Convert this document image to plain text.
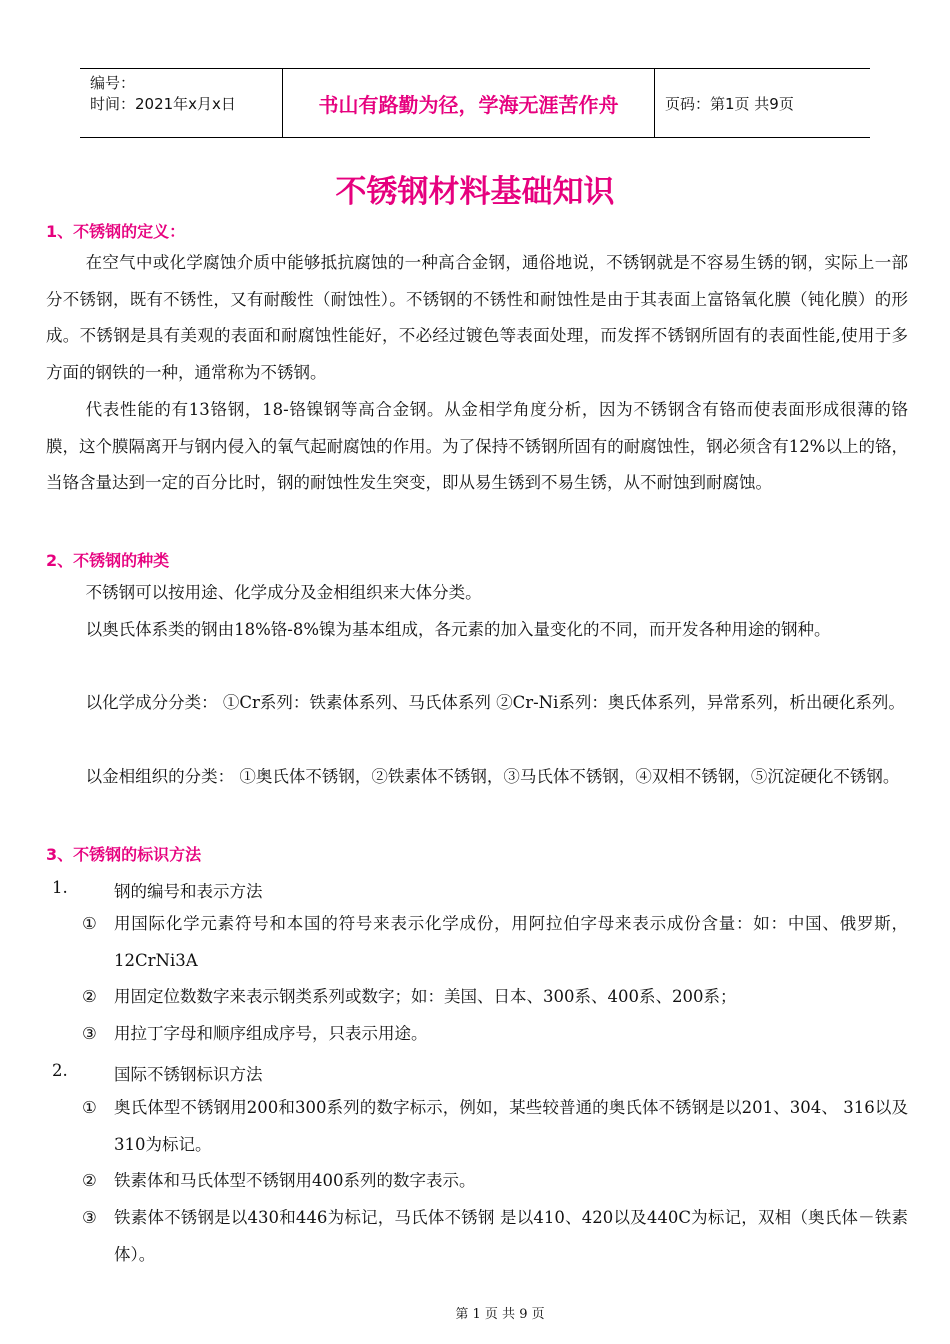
编号：
时间：2021年x月x日	书山有路勤为径，学海无涯苦作舟	页码：第1页 共9页
不锈钢材料基础知识
1、不锈钢的定义：
在空气中或化学腐蚀介质中能够抵抗腐蚀的一种高合金钢，通俗地说，不锈钢就是不容易生锈的钢，实际上一部分不锈钢，既有不锈性，又有耐酸性（耐蚀性）。不锈钢的不锈性和耐蚀性是由于其表面上富铬氧化膜（钝化膜）的形成。不锈钢是具有美观的表面和耐腐蚀性能好，不必经过镀色等表面处理，而发挥不锈钢所固有的表面性能,使用于多方面的钢铁的一种，通常称为不锈钢。
代表性能的有13铬钢，18-铬镍钢等高合金钢。从金相学角度分析，因为不锈钢含有铬而使表面形成很薄的铬膜，这个膜隔离开与钢内侵入的氧气起耐腐蚀的作用。为了保持不锈钢所固有的耐腐蚀性，钢必须含有12%以上的铬，当铬含量达到一定的百分比时，钢的耐蚀性发生突变，即从易生锈到不易生锈，从不耐蚀到耐腐蚀。
2、不锈钢的种类
不锈钢可以按用途、化学成分及金相组织来大体分类。
以奥氏体系类的钢由18%铬-8%镍为基本组成，各元素的加入量变化的不同，而开发各种用途的钢种。
以化学成分分类： ①Cr系列：铁素体系列、马氏体系列 ②Cr-Ni系列：奥氏体系列，异常系列，析出硬化系列。
以金相组织的分类： ①奥氏体不锈钢，②铁素体不锈钢，③马氏体不锈钢，④双相不锈钢，⑤沉淀硬化不锈钢。
3、不锈钢的标识方法
1.	钢的编号和表示方法
① 用国际化学元素符号和本国的符号来表示化学成份，用阿拉伯字母来表示成份含量：如：中国、俄罗斯，12CrNi3A
② 用固定位数数字来表示钢类系列或数字；如：美国、日本、300系、400系、200系；
③ 用拉丁字母和顺序组成序号，只表示用途。
2.	国际不锈钢标识方法
① 奥氏体型不锈钢用200和300系列的数字标示，例如，某些较普通的奥氏体不锈钢是以201、304、 316以及310为标记。
② 铁素体和马氏体型不锈钢用400系列的数字表示。
③ 铁素体不锈钢是以430和446为标记，马氏体不锈钢 是以410、420以及440C为标记，双相（奥氏体－铁素体）。
第 1 页 共 9 页
